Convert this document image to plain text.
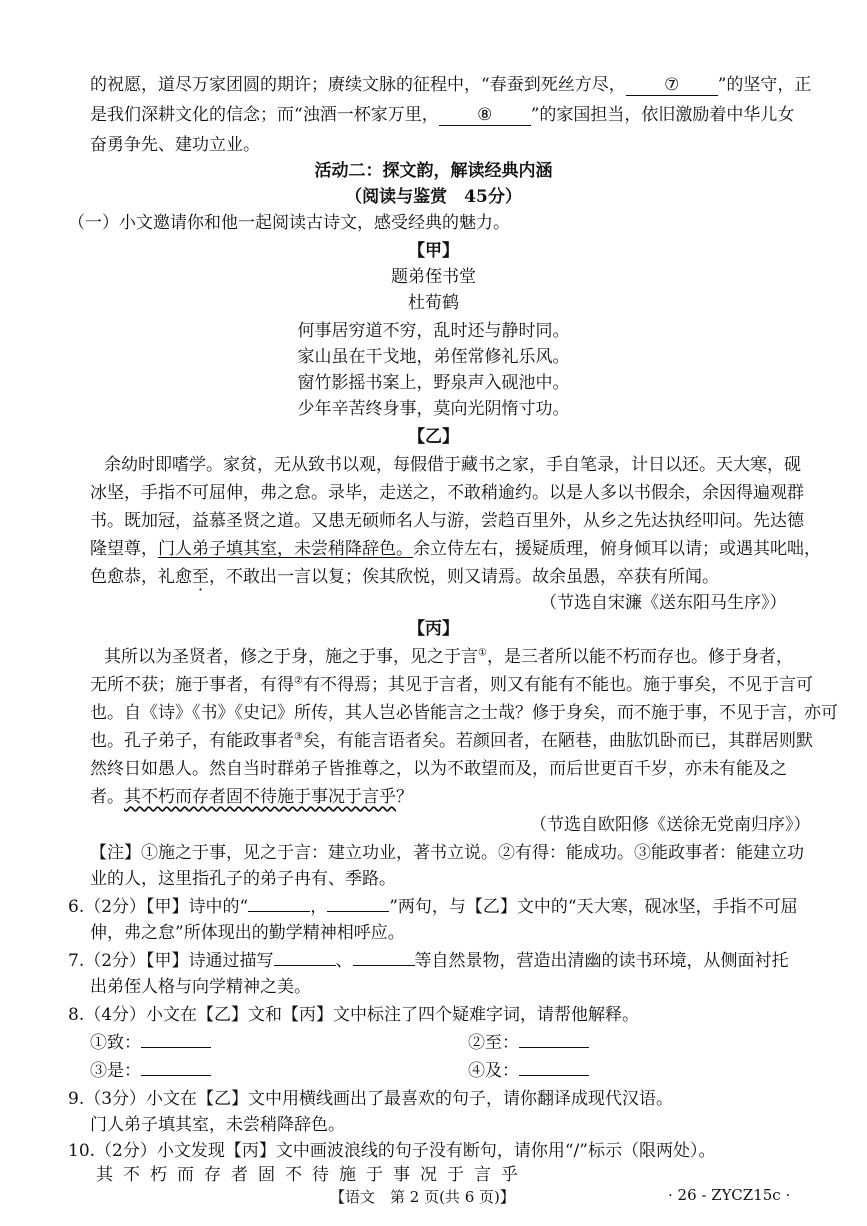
的祝愿，道尽万家团圆的期许；赓续文脉的征程中，“春蚕到死丝方尽， ⑦ ”的坚守，正
是我们深耕文化的信念；而“浊酒一杯家万里， ⑧ ”的家国担当，依旧激励着中华儿女
奋勇争先、建功立业。
活动二：探文韵，解读经典内涵
（阅读与鉴赏　45分）
（一）小文邀请你和他一起阅读古诗文，感受经典的魅力。
【甲】
题弟侄书堂
杜荀鹤
何事居穷道不穷，乱时还与静时同。
家山虽在干戈地，弟侄常修礼乐风。
窗竹影摇书案上，野泉声入砚池中。
少年辛苦终身事，莫向光阴惰寸功。
【乙】
余幼时即嗜学。家贫，无从致书以观，每假借于藏书之家，手自笔录，计日以还。天大寒，砚
冰坚，手指不可屈伸，弗之怠。录毕，走送之，不敢稍逾约。以是人多以书假余，余因得遍观群
书。既加冠，益慕圣贤之道。又患无硕师名人与游，尝趋百里外，从乡之先达执经叩问。先达德
隆望尊，门人弟子填其室，未尝稍降辞色。余立侍左右，援疑质理，俯身倾耳以请；或遇其叱咄，
色愈恭，礼愈至，不敢出一言以复；俟其欣悦，则又请焉。故余虽愚，卒获有所闻。
（节选自宋濂《送东阳马生序》）
【丙】
其所以为圣贤者，修之于身，施之于事，见之于言①，是三者所以能不朽而存也。修于身者，
无所不获；施于事者，有得②有不得焉；其见于言者，则又有能有不能也。施于事矣，不见于言可
也。自《诗》《书》《史记》所传，其人岂必皆能言之士哉？修于身矣，而不施于事，不见于言，亦可
也。孔子弟子，有能政事者③矣，有能言语者矣。若颜回者，在陋巷，曲肱饥卧而已，其群居则默
然终日如愚人。然自当时群弟子皆推尊之，以为不敢望而及，而后世更百千岁，亦未有能及之
者。其不朽而存者固不待施于事况于言乎？
（节选自欧阳修《送徐无党南归序》）
【注】①施之于事，见之于言：建立功业，著书立说。②有得：能成功。③能政事者：能建立功
业的人，这里指孔子的弟子冉有、季路。
6.（2分）【甲】诗中的“	，	”两句，与【乙】文中的“天大寒，砚冰坚，手指不可屈
伸，弗之怠”所体现出的勤学精神相呼应。
7.（2分）【甲】诗通过描写	、	等自然景物，营造出清幽的读书环境，从侧面衬托
出弟侄人格与向学精神之美。
8.（4分）小文在【乙】文和【丙】文中标注了四个疑难字词，请帮他解释。
①致：	②至：
③是：	④及：
9.（3分）小文在【乙】文中用横线画出了最喜欢的句子，请你翻译成现代汉语。
门人弟子填其室，未尝稍降辞色。
10.（2分）小文发现【丙】文中画波浪线的句子没有断句，请你用“/”标示（限两处）。
其不朽而存者固不待施于事况于言乎
【语文　第 2 页(共 6 页)】	· 26 - ZYCZ15c ·
